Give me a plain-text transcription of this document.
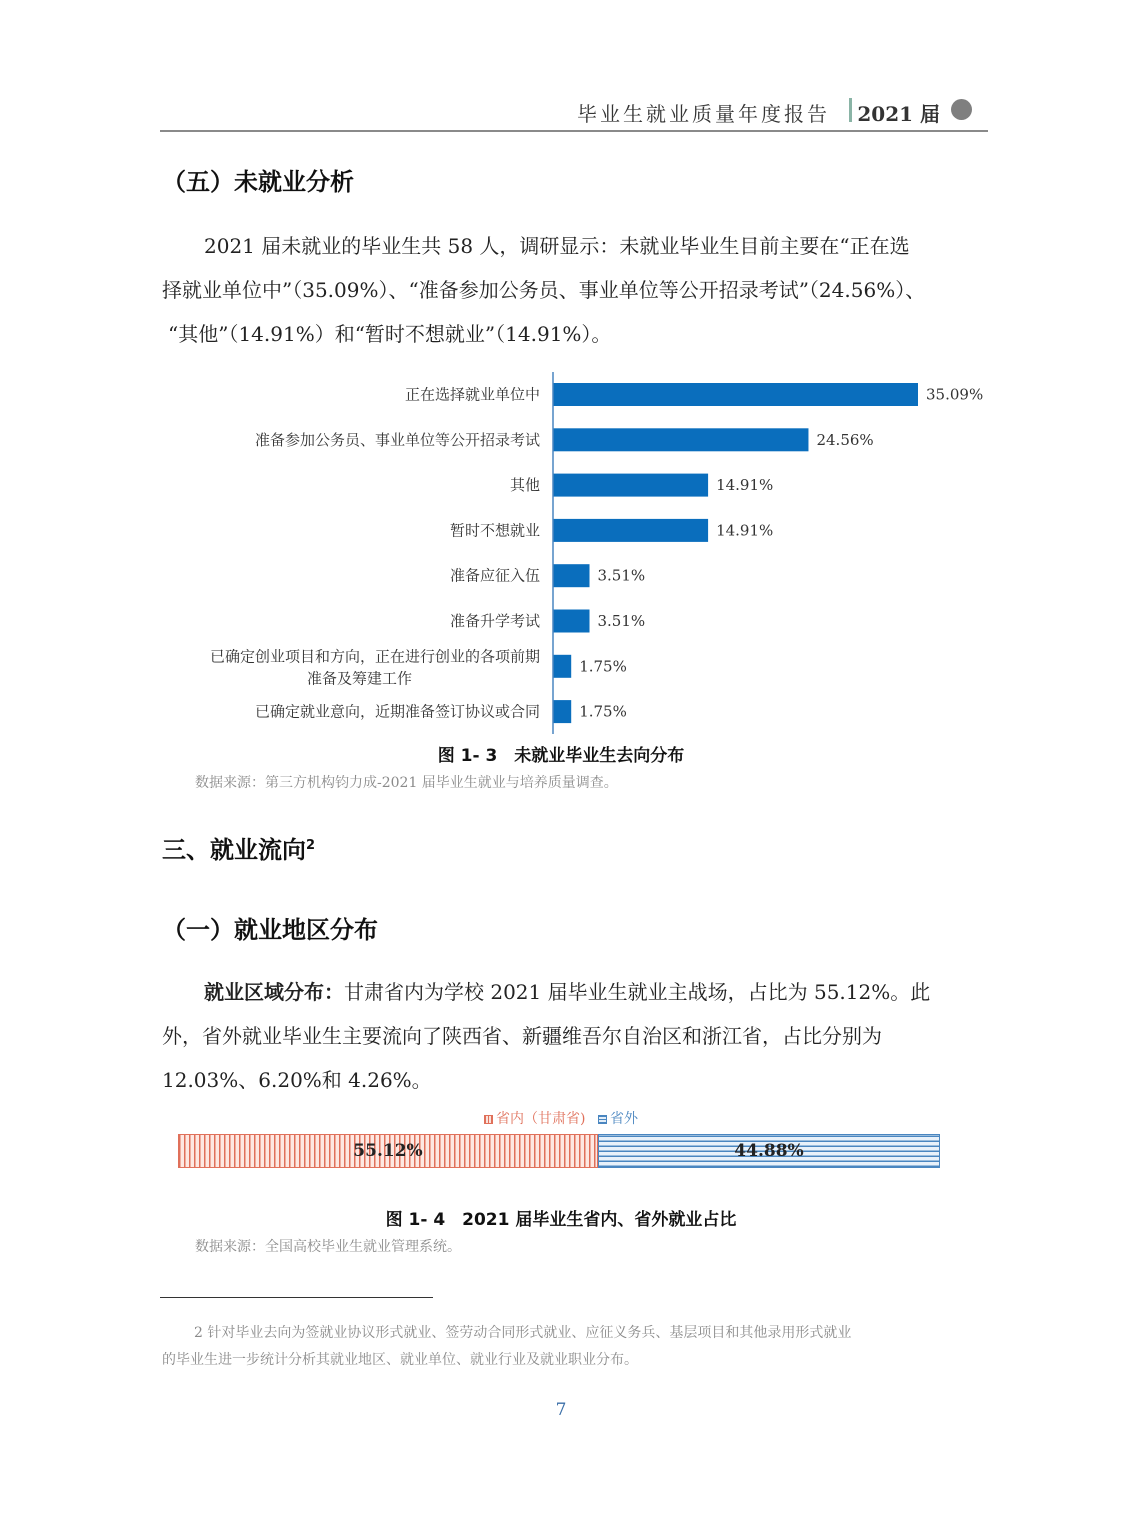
毕业生就业质量年度报告 2021 届
（五）未就业分析
2021 届未就业的毕业生共 58 人，调研显示：未就业毕业生目前主要在“正在选
择就业单位中”（35.09%）、“准备参加公务员、事业单位等公开招录考试”（24.56%）、
“其他”（14.91%）和“暂时不想就业”（14.91%）。
35.09%
正在选择就业单位中
24.56%
准备参加公务员、事业单位等公开招录考试
14.91%
其他
14.91%
暂时不想就业
3.51%
准备应征入伍
3.51%
准备升学考试
1.75%
已确定创业项目和方向，正在进行创业的各项前期准备及筹建工作
1.75%
已确定就业意向，近期准备签订协议或合同
图 1- 3　未就业毕业生去向分布
数据来源：第三方机构钧力成-2021 届毕业生就业与培养质量调查。
三、就业流向$^2$
（一）就业地区分布
就业区域分布：甘肃省内为学校 2021 届毕业生就业主战场，占比为 55.12%。此
外，省外就业毕业生主要流向了陕西省、新疆维吾尔自治区和浙江省，占比分别为
12.03%、6.20%和 4.26%。
省内（甘肃省) 省外
55.12%	44.88%
图 1- 4　2021 届毕业生省内、省外就业占比
数据来源：全国高校毕业生就业管理系统。
2 针对毕业去向为签就业协议形式就业、签劳动合同形式就业、应征义务兵、基层项目和其他录用形式就业
的毕业生进一步统计分析其就业地区、就业单位、就业行业及就业职业分布。
7
